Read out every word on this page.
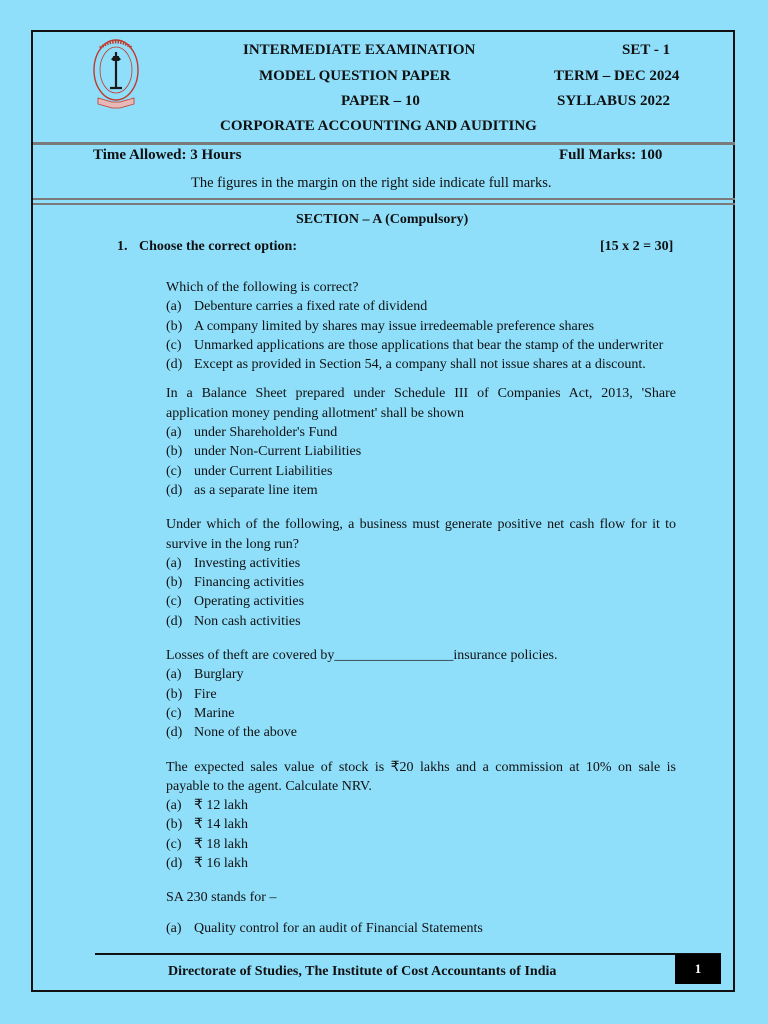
INTERMEDIATE EXAMINATION	SET - 1
MODEL QUESTION PAPER	TERM – DEC 2024
PAPER – 10	SYLLABUS 2022
CORPORATE ACCOUNTING AND AUDITING
Time Allowed: 3 Hours	Full Marks: 100
The figures in the margin on the right side indicate full marks.
SECTION – A (Compulsory)
1. Choose the correct option:	[15 x 2 = 30]

Which of the following is correct?

(a) Debenture carries a fixed rate of dividend
(b) A company limited by shares may issue irredeemable preference shares
(c) Unmarked applications are those applications that bear the stamp of the underwriter
(d) Except as provided in Section 54, a company shall not issue shares at a discount.

In a Balance Sheet prepared under Schedule III of Companies Act, 2013, 'Share application money pending allotment' shall be shown

(a) under Shareholder's Fund
(b) under Non-Current Liabilities
(c) under Current Liabilities
(d) as a separate line item

Under which of the following, a business must generate positive net cash flow for it to survive in the long run?

(a) Investing activities
(b) Financing activities
(c) Operating activities
(d) Non cash activities

Losses of theft are covered by_________________insurance policies.

(a) Burglary
(b) Fire
(c) Marine
(d) None of the above

The expected sales value of stock is ₹20 lakhs and a commission at 10% on sale is payable to the agent. Calculate NRV.

(a) ₹ 12 lakh
(b) ₹ 14 lakh
(c) ₹ 18 lakh
(d) ₹ 16 lakh

SA 230 stands for –

(a) Quality control for an audit of Financial Statements
Directorate of Studies, The Institute of Cost Accountants of India	1
